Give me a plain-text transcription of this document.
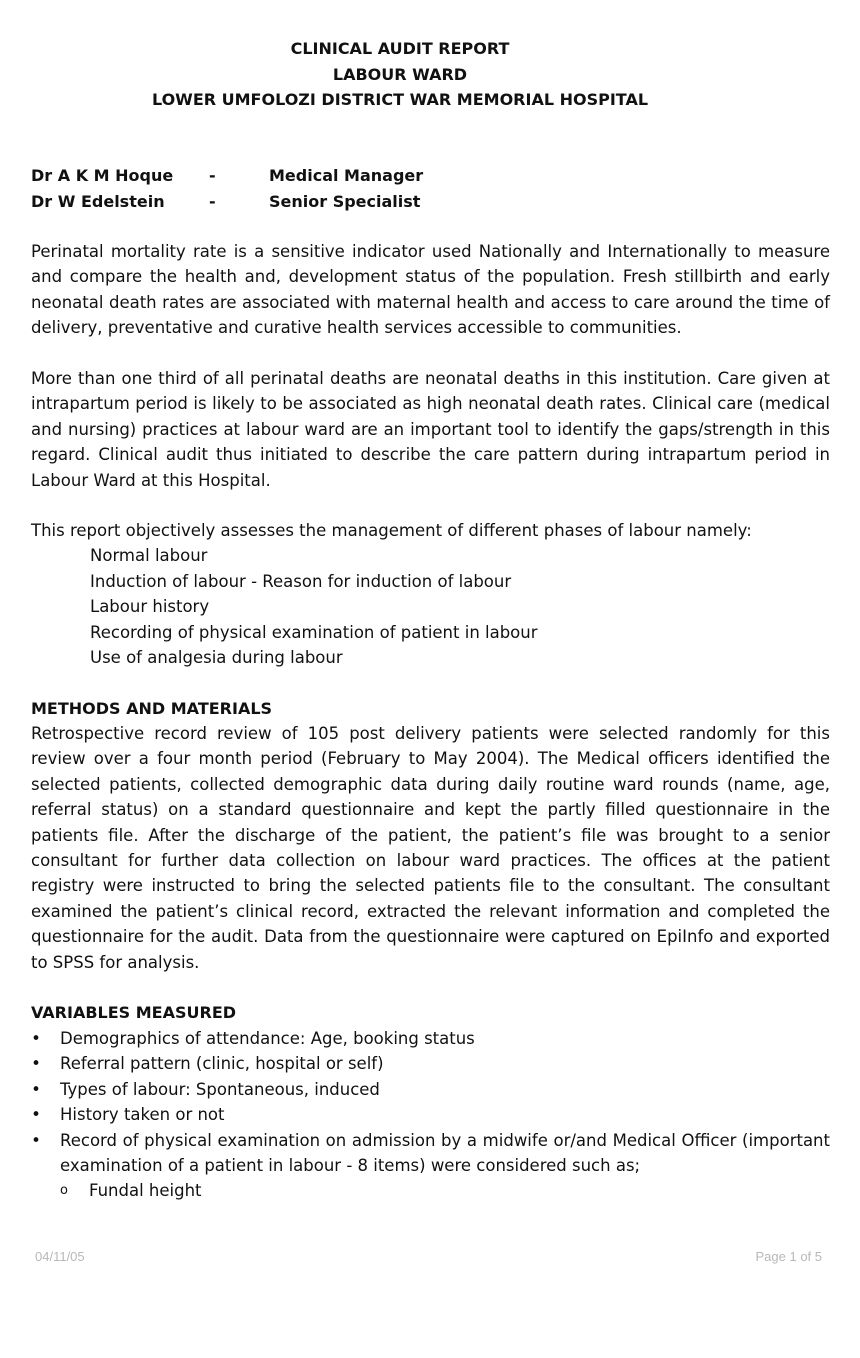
CLINICAL AUDIT REPORT
LABOUR WARD
LOWER UMFOLOZI DISTRICT WAR MEMORIAL HOSPITAL
Dr A K M Hoque -	Medical Manager
Dr W Edelstein	-	Senior Specialist
Perinatal mortality rate is a sensitive indicator used Nationally and Internationally to measure and compare the health and, development status of the population. Fresh stillbirth and early neonatal death rates are associated with maternal health and access to care around the time of delivery, preventative and curative health services accessible to communities.
More than one third of all perinatal deaths are neonatal deaths in this institution. Care given at intrapartum period is likely to be associated as high neonatal death rates. Clinical care (medical and nursing) practices at labour ward are an important tool to identify the gaps/strength in this regard. Clinical audit thus initiated to describe the care pattern during intrapartum period in Labour Ward at this Hospital.
This report objectively assesses the management of different phases of labour namely:
Normal labour
Induction of labour - Reason for induction of labour
Labour history
Recording of physical examination of patient in labour
Use of analgesia during labour
METHODS AND MATERIALS
Retrospective record review of 105 post delivery patients were selected randomly for this review over a four month period (February to May 2004). The Medical officers identified the selected patients, collected demographic data during daily routine ward rounds (name, age, referral status) on a standard questionnaire and kept the partly filled questionnaire in the patients file. After the discharge of the patient, the patient’s file was brought to a senior consultant for further data collection on labour ward practices. The offices at the patient registry were instructed to bring the selected patients file to the consultant. The consultant examined the patient’s clinical record, extracted the relevant information and completed the questionnaire for the audit. Data from the questionnaire were captured on EpiInfo and exported to SPSS for analysis.
VARIABLES MEASURED
• Demographics of attendance: Age, booking status
• Referral pattern (clinic, hospital or self)
• Types of labour: Spontaneous, induced
• History taken or not
• Record of physical examination on admission by a midwife or/and Medical Officer (important examination of a patient in labour - 8 items) were considered such as;
o Fundal height
04/11/05	Page 1 of 5
